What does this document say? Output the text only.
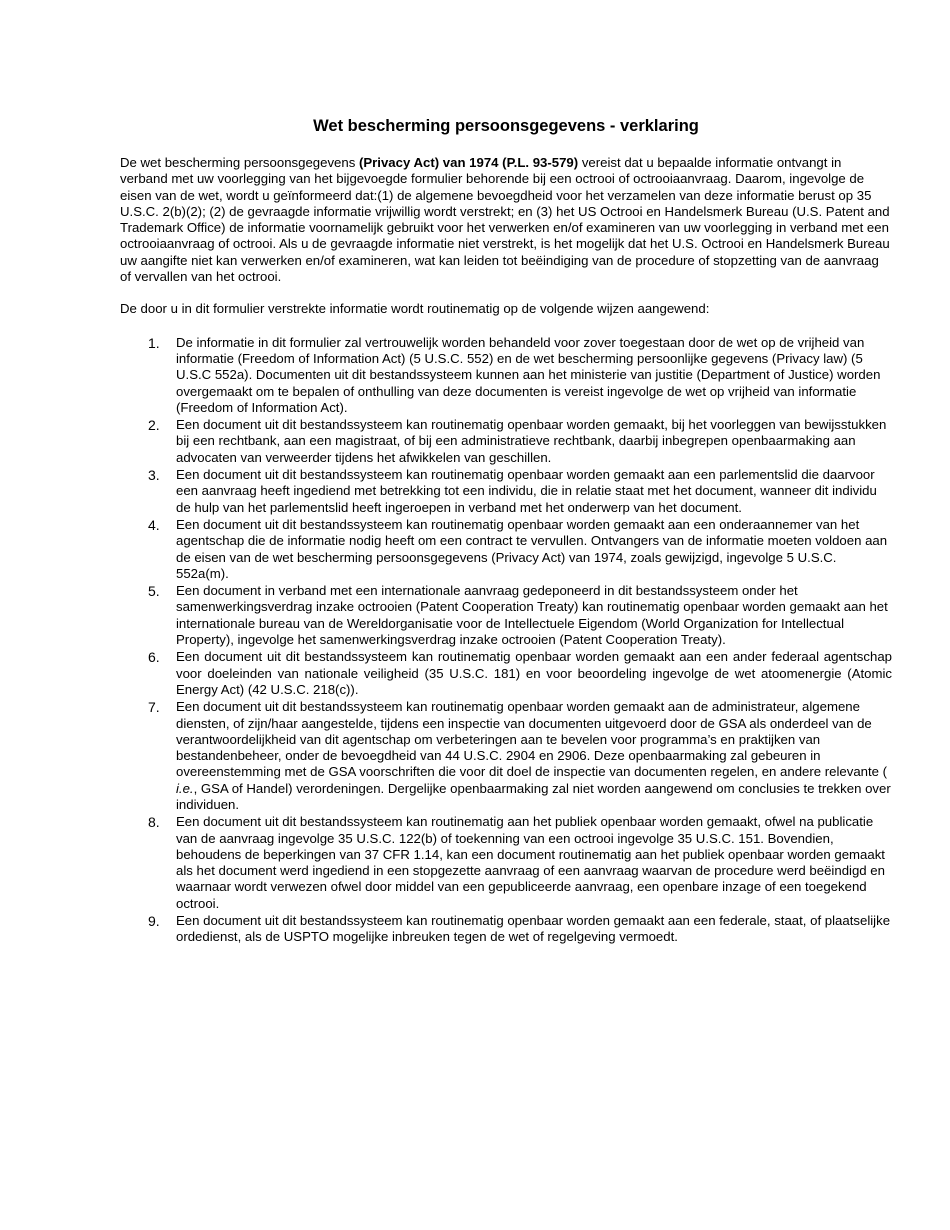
Wet bescherming persoonsgegevens - verklaring

De wet bescherming persoonsgegevens (Privacy Act) van 1974 (P.L. 93-579) vereist dat u bepaalde informatie ontvangt in verband met uw voorlegging van het bijgevoegde formulier behorende bij een octrooi of octrooiaanvraag. Daarom, ingevolge de eisen van de wet, wordt u geïnformeerd dat:(1) de algemene bevoegdheid voor het verzamelen van deze informatie berust op 35 U.S.C. 2(b)(2); (2) de gevraagde informatie vrijwillig wordt verstrekt; en (3) het US Octrooi en Handelsmerk Bureau (U.S. Patent and Trademark Office) de informatie voornamelijk gebruikt voor het verwerken en/of examineren van uw voorlegging in verband met een octrooiaanvraag of octrooi. Als u de gevraagde informatie niet verstrekt, is het mogelijk dat het U.S. Octrooi en Handelsmerk Bureau uw aangifte niet kan verwerken en/of examineren, wat kan leiden tot beëindiging van de procedure of stopzetting van de aanvraag of vervallen van het octrooi.

De door u in dit formulier verstrekte informatie wordt routinematig op de volgende wijzen aangewend:

1. De informatie in dit formulier zal vertrouwelijk worden behandeld voor zover toegestaan door de wet op de vrijheid van informatie (Freedom of Information Act) (5 U.S.C. 552) en de wet bescherming persoonlijke gegevens (Privacy law) (5 U.S.C 552a). Documenten uit dit bestandssysteem kunnen aan het ministerie van justitie (Department of Justice) worden overgemaakt om te bepalen of onthulling van deze documenten is vereist ingevolge de wet op vrijheid van informatie (Freedom of Information Act).
2. Een document uit dit bestandssysteem kan routinematig openbaar worden gemaakt, bij het voorleggen van bewijsstukken bij een rechtbank, aan een magistraat, of bij een administratieve rechtbank, daarbij inbegrepen openbaarmaking aan advocaten van verweerder tijdens het afwikkelen van geschillen.
3. Een document uit dit bestandssysteem kan routinematig openbaar worden gemaakt aan een parlementslid die daarvoor een aanvraag heeft ingediend met betrekking tot een individu, die in relatie staat met het document, wanneer dit individu de hulp van het parlementslid heeft ingeroepen in verband met het onderwerp van het document.
4. Een document uit dit bestandssysteem kan routinematig openbaar worden gemaakt aan een onderaannemer van het agentschap die de informatie nodig heeft om een contract te vervullen. Ontvangers van de informatie moeten voldoen aan de eisen van de wet bescherming persoonsgegevens (Privacy Act) van 1974, zoals gewijzigd, ingevolge 5 U.S.C. 552a(m).
5. Een document in verband met een internationale aanvraag gedeponeerd in dit bestandssysteem onder het samenwerkingsverdrag inzake octrooien (Patent Cooperation Treaty) kan routinematig openbaar worden gemaakt aan het internationale bureau van de Wereldorganisatie voor de Intellectuele Eigendom (World Organization for Intellectual Property), ingevolge het samenwerkingsverdrag inzake octrooien (Patent Cooperation Treaty).
6. Een document uit dit bestandssysteem kan routinematig openbaar worden gemaakt aan een ander federaal agentschap voor doeleinden van nationale veiligheid (35 U.S.C. 181) en voor beoordeling ingevolge de wet atoomenergie (Atomic Energy Act) (42 U.S.C. 218(c)).
7. Een document uit dit bestandssysteem kan routinematig openbaar worden gemaakt aan de administrateur, algemene diensten, of zijn/haar aangestelde, tijdens een inspectie van documenten uitgevoerd door de GSA als onderdeel van de verantwoordelijkheid van dit agentschap om verbeteringen aan te bevelen voor programma’s en praktijken van bestandenbeheer, onder de bevoegdheid van 44 U.S.C. 2904 en 2906. Deze openbaarmaking zal gebeuren in overeenstemming met de GSA voorschriften die voor dit doel de inspectie van documenten regelen, en andere relevante ( i.e., GSA of Handel) verordeningen. Dergelijke openbaarmaking zal niet worden aangewend om conclusies te trekken over individuen.
8. Een document uit dit bestandssysteem kan routinematig aan het publiek openbaar worden gemaakt, ofwel na publicatie van de aanvraag ingevolge 35 U.S.C. 122(b) of toekenning van een octrooi ingevolge 35 U.S.C. 151. Bovendien, behoudens de beperkingen van 37 CFR 1.14, kan een document routinematig aan het publiek openbaar worden gemaakt als het document werd ingediend in een stopgezette aanvraag of een aanvraag waarvan de procedure werd beëindigd en waarnaar wordt verwezen ofwel door middel van een gepubliceerde aanvraag, een openbare inzage of een toegekend octrooi.
9. Een document uit dit bestandssysteem kan routinematig openbaar worden gemaakt aan een federale, staat, of plaatselijke ordedienst, als de USPTO mogelijke inbreuken tegen de wet of regelgeving vermoedt.
